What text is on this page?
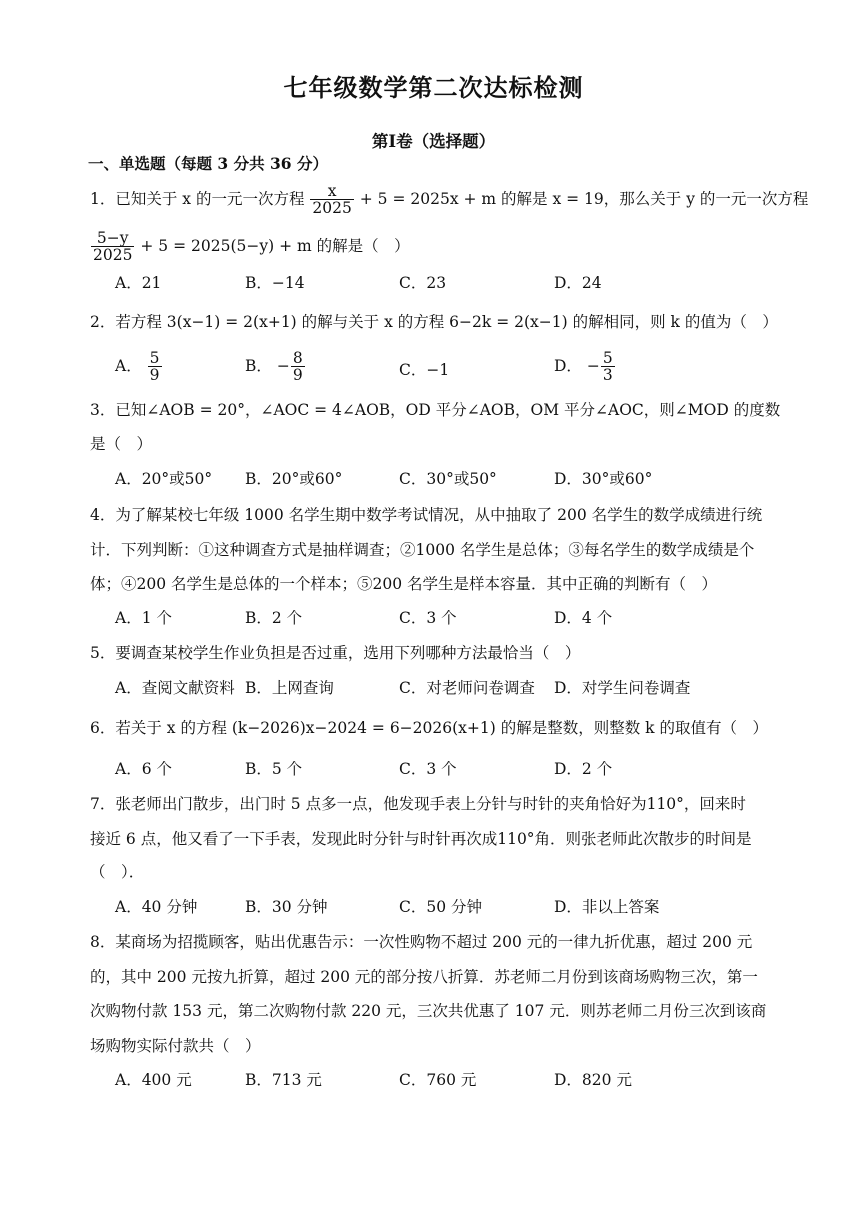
七年级数学第二次达标检测
第Ⅰ卷（选择题）
一、单选题（每题 3 分共 36 分）
1．已知关于 x 的一元一次方程 $\frac{x}{2025} + 5 = 2025x + m$ 的解是 x = 19，那么关于 y 的一元一次方程
$\frac{5-y}{2025} + 5 = 2025(5-y) + m$ 的解是（　）
A．21	B．−14	C．23	D．24
2．若方程 3(x−1) = 2(x+1) 的解与关于 x 的方程 6−2k = 2(x−1) 的解相同，则 k 的值为（　）
A． $\frac{5}{9}$	B． − $\frac{8}{9}$	C．−1	D． − $\frac{5}{3}$
3．已知∠AOB = 20°，∠AOC = 4∠AOB，OD 平分∠AOB，OM 平分∠AOC，则∠MOD 的度数
是（　）
A．20°或50° B．20°或60°	C．30°或50°	D．30°或60°
4．为了解某校七年级 1000 名学生期中数学考试情况，从中抽取了 200 名学生的数学成绩进行统
计．下列判断：①这种调查方式是抽样调查；②1000 名学生是总体；③每名学生的数学成绩是个
体；④200 名学生是总体的一个样本；⑤200 名学生是样本容量．其中正确的判断有（　）
A．1 个	B．2 个	C．3 个	D．4 个
5．要调查某校学生作业负担是否过重，选用下列哪种方法最恰当（　）
A．查阅文献资料 B．上网查询	C．对老师问卷调查 D．对学生问卷调查
6．若关于 x 的方程 (k−2026)x−2024 = 6−2026(x+1) 的解是整数，则整数 k 的取值有（　）
A．6 个	B．5 个	C．3 个	D．2 个
7．张老师出门散步，出门时 5 点多一点，他发现手表上分针与时针的夹角恰好为110°，回来时
接近 6 点，他又看了一下手表，发现此时分针与时针再次成110°角．则张老师此次散步的时间是
（　）．
A．40 分钟	B．30 分钟	C．50 分钟	D．非以上答案
8．某商场为招揽顾客，贴出优惠告示：一次性购物不超过 200 元的一律九折优惠，超过 200 元
的，其中 200 元按九折算，超过 200 元的部分按八折算．苏老师二月份到该商场购物三次，第一
次购物付款 153 元，第二次购物付款 220 元，三次共优惠了 107 元．则苏老师二月份三次到该商
场购物实际付款共（　）
A．400 元	B．713 元	C．760 元	D．820 元
